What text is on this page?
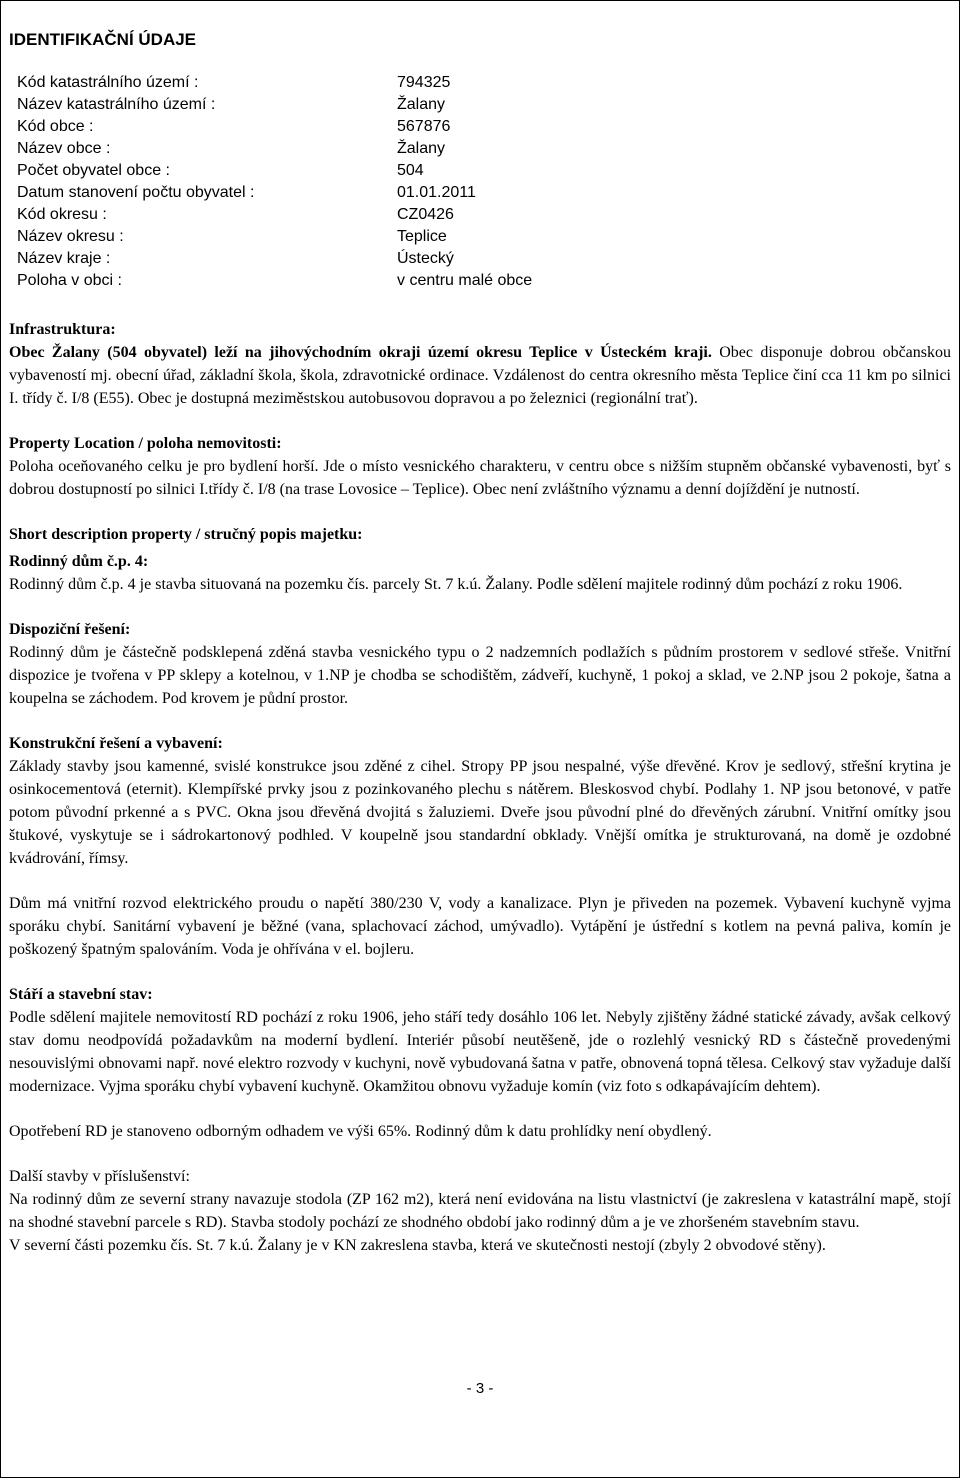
IDENTIFIKAČNÍ ÚDAJE
Kód katastrálního území :	794325
Název katastrálního území :	Žalany
Kód obce :	567876
Název obce :	Žalany
Počet obyvatel obce :	504
Datum stanovení počtu obyvatel :	01.01.2011
Kód okresu :	CZ0426
Název okresu :	Teplice
Název kraje :	Ústecký
Poloha v obci :	v centru malé obce
Infrastruktura:

Obec Žalany (504 obyvatel) leží na jihovýchodním okraji území okresu Teplice v Ústeckém kraji. Obec disponuje dobrou občanskou vybaveností mj. obecní úřad, základní škola, škola, zdravotnické ordinace. Vzdálenost do centra okresního města Teplice činí cca 11 km po silnici I. třídy č. I/8 (E55). Obec je dostupná meziměstskou autobusovou dopravou a po železnici (regionální trať).

Property Location / poloha nemovitosti:

Poloha oceňovaného celku je pro bydlení horší. Jde o místo vesnického charakteru, v centru obce s nižším stupněm občanské vybavenosti, byť s dobrou dostupností po silnici I.třídy č. I/8 (na trase Lovosice – Teplice). Obec není zvláštního významu a denní dojíždění je nutností.

Short description property / stručný popis majetku:
Rodinný dům č.p. 4:

Rodinný dům č.p. 4 je stavba situovaná na pozemku čís. parcely St. 7 k.ú. Žalany. Podle sdělení majitele rodinný dům pochází z roku 1906.

Dispoziční řešení:

Rodinný dům je částečně podsklepená zděná stavba vesnického typu o 2 nadzemních podlažích s půdním prostorem v sedlové střeše. Vnitřní dispozice je tvořena v PP sklepy a kotelnou, v 1.NP je chodba se schodištěm, zádveří, kuchyně, 1 pokoj a sklad, ve 2.NP jsou 2 pokoje, šatna a koupelna se záchodem. Pod krovem je půdní prostor.

Konstrukční řešení a vybavení:

Základy stavby jsou kamenné, svislé konstrukce jsou zděné z cihel. Stropy PP jsou nespalné, výše dřevěné. Krov je sedlový, střešní krytina je osinkocementová (eternit). Klempířské prvky jsou z pozinkovaného plechu s nátěrem. Bleskosvod chybí. Podlahy 1. NP jsou betonové, v patře potom původní prkenné a s PVC. Okna jsou dřevěná dvojitá s žaluziemi. Dveře jsou původní plné do dřevěných zárubní. Vnitřní omítky jsou štukové, vyskytuje se i sádrokartonový podhled. V koupelně jsou standardní obklady. Vnější omítka je strukturovaná, na domě je ozdobné kvádrování, římsy.

Dům má vnitřní rozvod elektrického proudu o napětí 380/230 V, vody a kanalizace. Plyn je přiveden na pozemek. Vybavení kuchyně vyjma sporáku chybí. Sanitární vybavení je běžné (vana, splachovací záchod, umývadlo). Vytápění je ústřední s kotlem na pevná paliva, komín je poškozený špatným spalováním. Voda je ohřívána v el. bojleru.

Stáří a stavební stav:

Podle sdělení majitele nemovitostí RD pochází z roku 1906, jeho stáří tedy dosáhlo 106 let. Nebyly zjištěny žádné statické závady, avšak celkový stav domu neodpovídá požadavkům na moderní bydlení. Interiér působí neutěšeně, jde o rozlehlý vesnický RD s částečně provedenými nesouvislými obnovami např. nové elektro rozvody v kuchyni, nově vybudovaná šatna v patře, obnovená topná tělesa. Celkový stav vyžaduje další modernizace. Vyjma sporáku chybí vybavení kuchyně. Okamžitou obnovu vyžaduje komín (viz foto s odkapávajícím dehtem).

Opotřebení RD je stanoveno odborným odhadem ve výši 65%. Rodinný dům k datu prohlídky není obydlený.

Další stavby v příslušenství:

Na rodinný dům ze severní strany navazuje stodola (ZP 162 m2), která není evidována na listu vlastnictví (je zakreslena v katastrální mapě, stojí na shodné stavební parcele s RD). Stavba stodoly pochází ze shodného období jako rodinný dům a je ve zhoršeném stavebním stavu.

V severní části pozemku čís. St. 7 k.ú. Žalany je v KN zakreslena stavba, která ve skutečnosti nestojí (zbyly 2 obvodové stěny).

- 3 -
